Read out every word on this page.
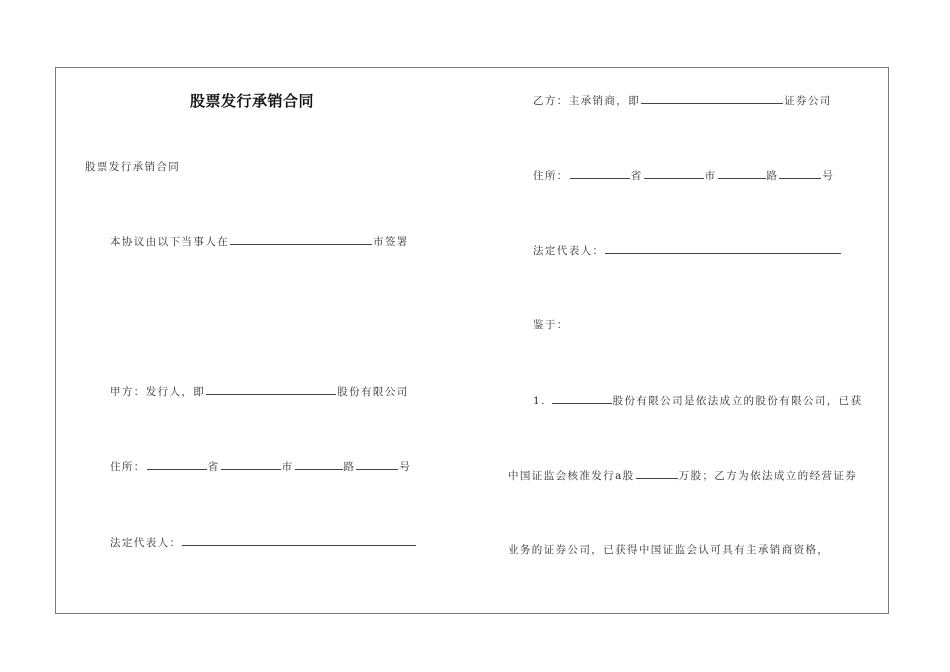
股票发行承销合同
股票发行承销合同
本协议由以下当事人在	市签署
甲方：发行人，即	股份有限公司
住所：	省	市	路	号
法定代表人：
乙方：主承销商，即	证券公司
住所：	省	市	路	号
法定代表人：
鉴于：
1.	股份有限公司是依法成立的股份有限公司，已获
中国证监会核准发行a股	万股；乙方为依法成立的经营证券
业务的证券公司，已获得中国证监会认可具有主承销商资格，
